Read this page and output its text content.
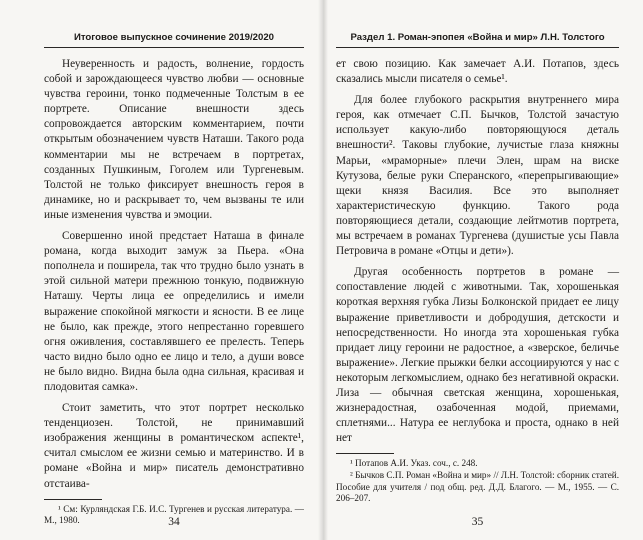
Итоговое выпускное сочинение 2019/2020

Неуверенность и радость, волнение, гордость собой и зарождающееся чувство любви — основные чувства героини, тонко подмеченные Толстым в ее портрете. Описание внешности здесь сопровождается авторским комментарием, почти открытым обозначением чувств Наташи. Такого рода комментарии мы не встречаем в портретах, созданных Пушкиным, Гоголем или Тургеневым. Толстой не только фиксирует внешность героя в динамике, но и раскрывает то, чем вызваны те или иные изменения чувства и эмоции.

Совершенно иной предстает Наташа в финале романа, когда выходит замуж за Пьера. «Она пополнела и поширела, так что трудно было узнать в этой сильной матери прежнюю тонкую, подвижную Наташу. Черты лица ее определились и имели выражение спокойной мягкости и ясности. В ее лице не было, как прежде, этого непрестанно горевшего огня оживления, составлявшего ее прелесть. Теперь часто видно было одно ее лицо и тело, а души вовсе не было видно. Видна была одна сильная, красивая и плодовитая самка».

Стоит заметить, что этот портрет несколько тенденциозен. Толстой, не принимавший изображения женщины в романтическом аспекте¹, считал смыслом ее жизни семью и материнство. И в романе «Война и мир» писатель демонстративно отстаива-

¹ См: Курляндская Г.Б. И.С. Тургенев и русская литература. — М., 1980.	34
Раздел 1. Роман-эпопея «Война и мир» Л.Н. Толстого

ет свою позицию. Как замечает А.И. Потапов, здесь сказались мысли писателя о семье¹.

Для более глубокого раскрытия внутреннего мира героя, как отмечает С.П. Бычков, Толстой зачастую использует какую-либо повторяющуюся деталь внешности². Таковы глубокие, лучистые глаза княжны Марьи, «мраморные» плечи Элен, шрам на виске Кутузова, белые руки Сперанского, «перепрыгивающие» щеки князя Василия. Все это выполняет характеристическую функцию. Такого рода повторяющиеся детали, создающие лейтмотив портрета, мы встречаем в романах Тургенева (душистые усы Павла Петровича в романе «Отцы и дети»).

Другая особенность портретов в романе — сопоставление людей с животными. Так, хорошенькая короткая верхняя губка Лизы Болконской придает ее лицу выражение приветливости и добродушия, детскости и непосредственности. Но иногда эта хорошенькая губка придает лицу героини не радостное, а «зверское, беличье выражение». Легкие прыжки белки ассоциируются у нас с некоторым легкомыслием, однако без негативной окраски. Лиза — обычная светская женщина, хорошенькая, жизнерадостная, озабоченная модой, приемами, сплетнями... Натура ее неглубока и проста, однако в ней нет

¹ Потапов А.И. Указ. соч., с. 248.

² Бычков С.П. Роман «Война и мир» // Л.Н. Толстой: сборник статей. Пособие для учителя / под общ. ред. Д.Д. Благого. — М., 1955. — С. 206–207.

35
